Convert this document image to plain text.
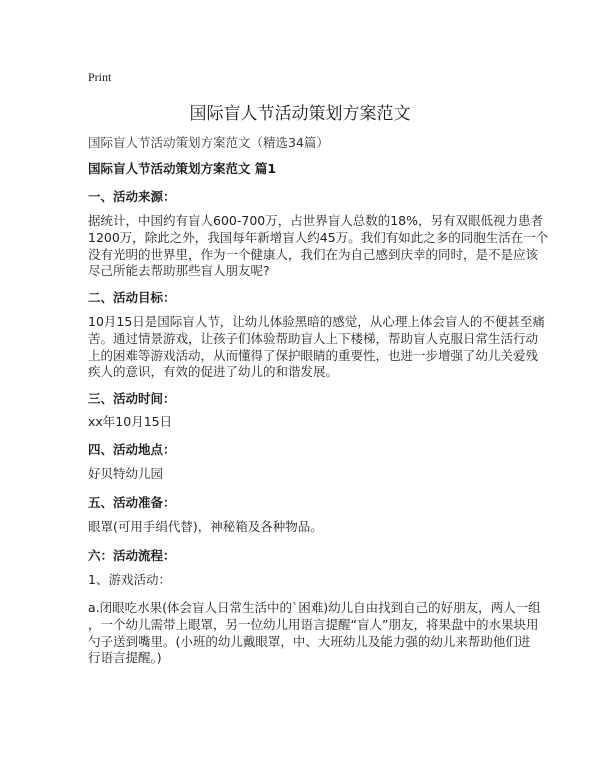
Print
国际盲人节活动策划方案范文
国际盲人节活动策划方案范文（精选34篇）
国际盲人节活动策划方案范文 篇1
一、活动来源：
据统计，中国约有盲人600-700万，占世界盲人总数的18%，另有双眼低视力患者
1200万，除此之外，我国每年新增盲人约45万。我们有如此之多的同胞生活在一个
没有光明的世界里，作为一个健康人，我们在为自己感到庆幸的同时，是不是应该
尽己所能去帮助那些盲人朋友呢?
二、活动目标：
10月15日是国际盲人节，让幼儿体验黑暗的感觉，从心理上体会盲人的不便甚至痛
苦。通过情景游戏，让孩子们体验帮助盲人上下楼梯，帮助盲人克服日常生活行动
上的困难等游戏活动，从而懂得了保护眼睛的重要性，也进一步增强了幼儿关爱残
疾人的意识，有效的促进了幼儿的和谐发展。
三、活动时间：
xx年10月15日
四、活动地点：
好贝特幼儿园
五、活动准备：
眼罩(可用手绢代替)，神秘箱及各种物品。
六：活动流程：
1、游戏活动：
a.闭眼吃水果(体会盲人日常生活中的`困难)幼儿自由找到自己的好朋友，两人一组
，一个幼儿需带上眼罩，另一位幼儿用语言提醒“盲人”朋友，将果盘中的水果块用
勺子送到嘴里。(小班的幼儿戴眼罩，中、大班幼儿及能力强的幼儿来帮助他们进
行语言提醒。)
